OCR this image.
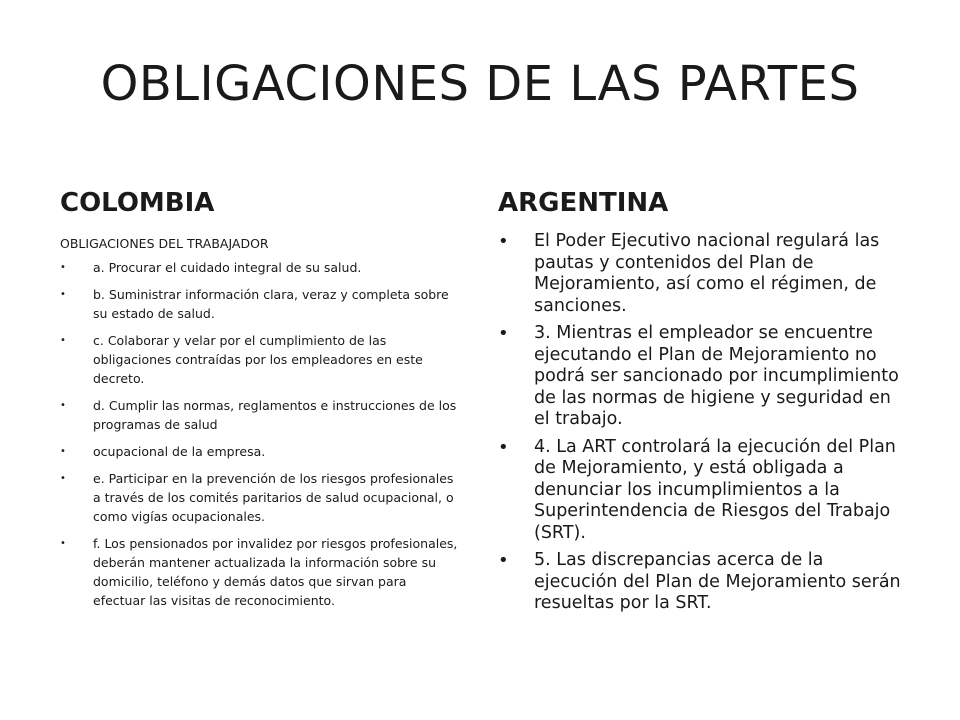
OBLIGACIONES DE LAS PARTES
COLOMBIA	ARGENTINA

OBLIGACIONES DEL TRABAJADOR

• a. Procurar el cuidado integral de su salud.
• b. Suministrar información clara, veraz y completa sobre su estado de salud.
• c. Colaborar y velar por el cumplimiento de las obligaciones contraídas por los empleadores en este decreto.
• d. Cumplir las normas, reglamentos e instrucciones de los programas de salud
• ocupacional de la empresa.
• e. Participar en la prevención de los riesgos profesionales a través de los comités paritarios de salud ocupacional, o como vigías ocupacionales.
• f. Los pensionados por invalidez por riesgos profesionales, deberán mantener actualizada la información sobre su domicilio, teléfono y demás datos que sirvan para efectuar las visitas de reconocimiento.
• El Poder Ejecutivo nacional regulará las pautas y contenidos del Plan de Mejoramiento, así como el régimen, de sanciones.
• 3. Mientras el empleador se encuentre ejecutando el Plan de Mejoramiento no podrá ser sancionado por incumplimiento de las normas de higiene y seguridad en el trabajo.
• 4. La ART controlará la ejecución del Plan de Mejoramiento, y está obligada a denunciar los incumplimientos a la Superintendencia de Riesgos del Trabajo (SRT).
• 5. Las discrepancias acerca de la ejecución del Plan de Mejoramiento serán resueltas por la SRT.
